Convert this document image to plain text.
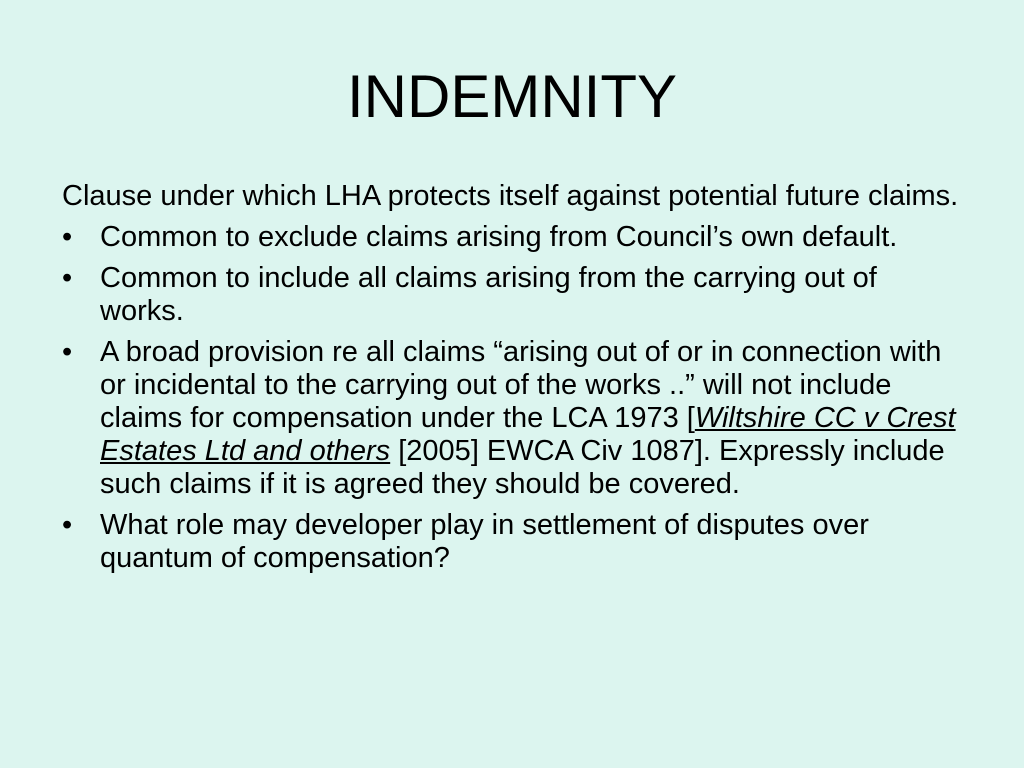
INDEMNITY

Clause under which LHA protects itself against potential future claims.

• Common to exclude claims arising from Council’s own default.
• Common to include all claims arising from the carrying out of works.
• A broad provision re all claims “arising out of or in connection with or incidental to the carrying out of the works ..” will not include claims for compensation under the LCA 1973 [Wiltshire CC v Crest Estates Ltd and others [2005] EWCA Civ 1087]. Expressly include such claims if it is agreed they should be covered.
• What role may developer play in settlement of disputes over quantum of compensation?
